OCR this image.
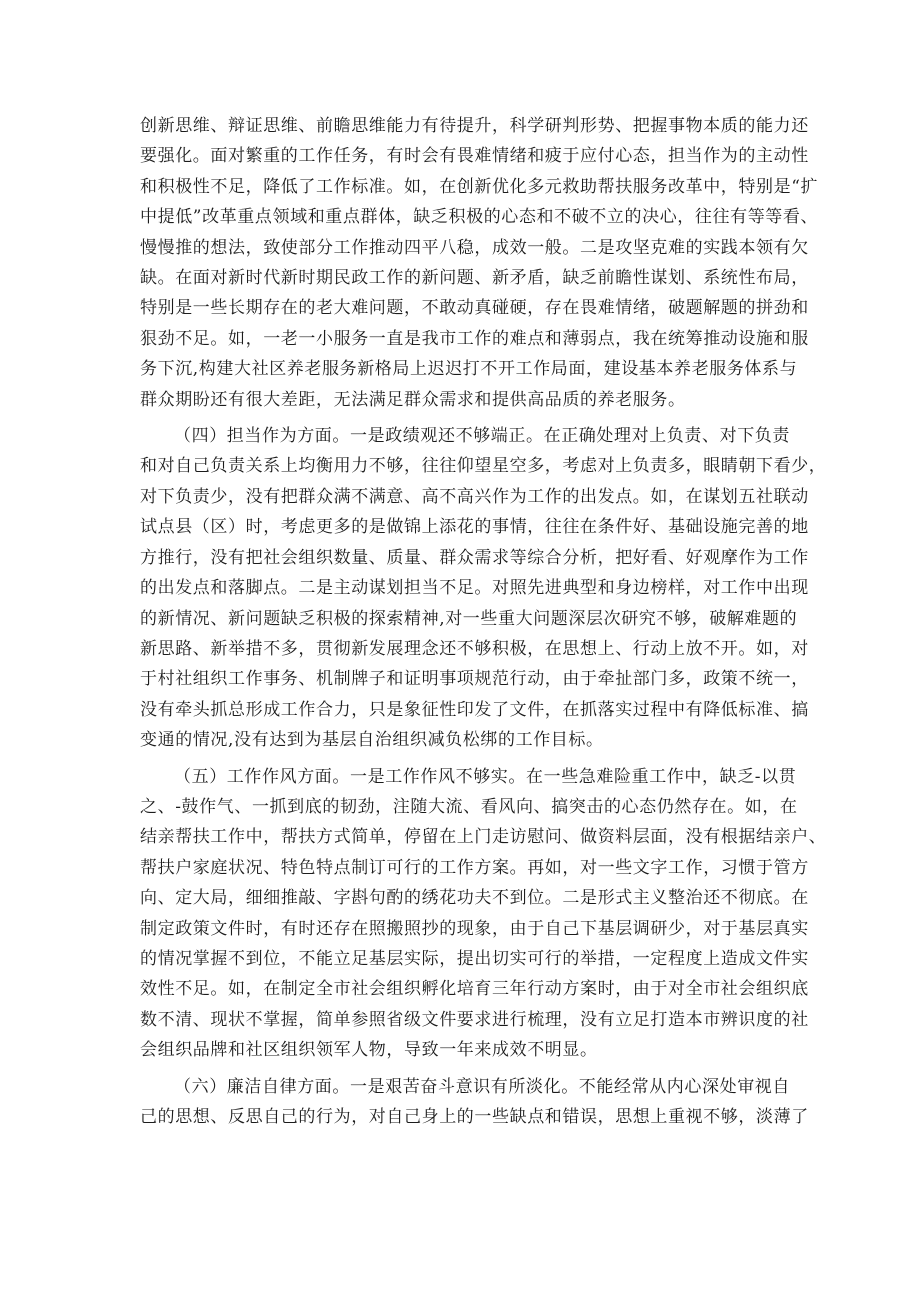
创新思维、辩证思维、前瞻思维能力有待提升，科学研判形势、把握事物本质的能力还
要强化。面对繁重的工作任务，有时会有畏难情绪和疲于应付心态，担当作为的主动性
和积极性不足，降低了工作标准。如，在创新优化多元救助帮扶服务改革中，特别是“扩
中提低”改革重点领域和重点群体，缺乏积极的心态和不破不立的决心，往往有等等看、
慢慢推的想法，致使部分工作推动四平八稳，成效一般。二是攻坚克难的实践本领有欠
缺。在面对新时代新时期民政工作的新问题、新矛盾，缺乏前瞻性谋划、系统性布局，
特别是一些长期存在的老大难问题，不敢动真碰硬，存在畏难情绪，破题解题的拼劲和
狠劲不足。如，一老一小服务一直是我市工作的难点和薄弱点，我在统筹推动设施和服
务下沉,构建大社区养老服务新格局上迟迟打不开工作局面，建设基本养老服务体系与
群众期盼还有很大差距，无法满足群众需求和提供高品质的养老服务。
（四）担当作为方面。一是政绩观还不够端正。在正确处理对上负责、对下负责
和对自己负责关系上均衡用力不够，往往仰望星空多，考虑对上负责多，眼睛朝下看少，
对下负责少，没有把群众满不满意、高不高兴作为工作的出发点。如，在谋划五社联动
试点县（区）时，考虑更多的是做锦上添花的事情，往往在条件好、基础设施完善的地
方推行，没有把社会组织数量、质量、群众需求等综合分析，把好看、好观摩作为工作
的出发点和落脚点。二是主动谋划担当不足。对照先进典型和身边榜样，对工作中出现
的新情况、新问题缺乏积极的探索精神,对一些重大问题深层次研究不够，破解难题的
新思路、新举措不多，贯彻新发展理念还不够积极，在思想上、行动上放不开。如，对
于村社组织工作事务、机制牌子和证明事项规范行动，由于牵扯部门多，政策不统一，
没有牵头抓总形成工作合力，只是象征性印发了文件，在抓落实过程中有降低标准、搞
变通的情况,没有达到为基层自治组织减负松绑的工作目标。
（五）工作作风方面。一是工作作风不够实。在一些急难险重工作中，缺乏-以贯
之、-鼓作气、一抓到底的韧劲，注随大流、看风向、搞突击的心态仍然存在。如，在
结亲帮扶工作中，帮扶方式简单，停留在上门走访慰问、做资料层面，没有根据结亲户、
帮扶户家庭状况、特色特点制订可行的工作方案。再如，对一些文字工作，习惯于管方
向、定大局，细细推敲、字斟句酌的绣花功夫不到位。二是形式主义整治还不彻底。在
制定政策文件时，有时还存在照搬照抄的现象，由于自己下基层调研少，对于基层真实
的情况掌握不到位，不能立足基层实际，提出切实可行的举措，一定程度上造成文件实
效性不足。如，在制定全市社会组织孵化培育三年行动方案时，由于对全市社会组织底
数不清、现状不掌握，简单参照省级文件要求进行梳理，没有立足打造本市辨识度的社
会组织品牌和社区组织领军人物，导致一年来成效不明显。
（六）廉洁自律方面。一是艰苦奋斗意识有所淡化。不能经常从内心深处审视自
己的思想、反思自己的行为，对自己身上的一些缺点和错误，思想上重视不够，淡薄了
